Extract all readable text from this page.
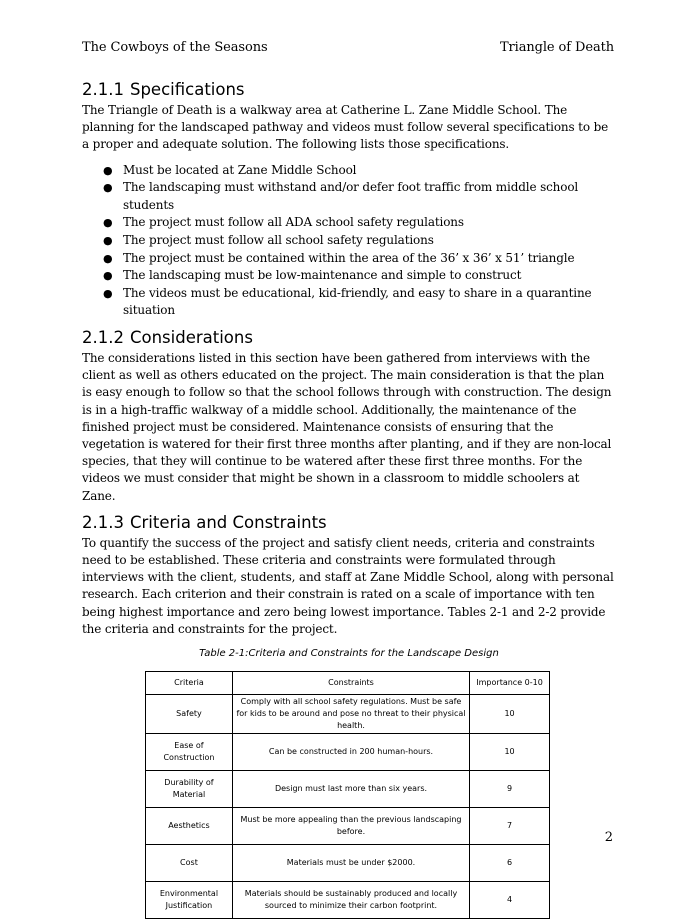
The Cowboys of the Seasons	Triangle of Death
2.1.1 Specifications

The Triangle of Death is a walkway area at Catherine L. Zane Middle School. The planning for the landscaped pathway and videos must follow several specifications to be a proper and adequate solution. The following lists those specifications.

● Must be located at Zane Middle School
● The landscaping must withstand and/or defer foot traffic from middle school students
● The project must follow all ADA school safety regulations
● The project must follow all school safety regulations
● The project must be contained within the area of the 36’ x 36’ x 51’ triangle
● The landscaping must be low-maintenance and simple to construct
● The videos must be educational, kid-friendly, and easy to share in a quarantine situation
2.1.2 Considerations

The considerations listed in this section have been gathered from interviews with the client as well as others educated on the project. The main consideration is that the plan is easy enough to follow so that the school follows through with construction. The design is in a high-traffic walkway of a middle school. Additionally, the maintenance of the finished project must be considered. Maintenance consists of ensuring that the vegetation is watered for their first three months after planting, and if they are non-local species, that they will continue to be watered after these first three months. For the videos we must consider that might be shown in a classroom to middle schoolers at Zane.

2.1.3 Criteria and Constraints

To quantify the success of the project and satisfy client needs, criteria and constraints need to be established. These criteria and constraints were formulated through interviews with the client, students, and staff at Zane Middle School, along with personal research. Each criterion and their constrain is rated on a scale of importance with ten being highest importance and zero being lowest importance. Tables 2-1 and 2-2 provide the criteria and constraints for the project.

Table 2-1:Criteria and Constraints for the Landscape Design
Criteria	Constraints	Importance 0-10
Safety	Comply with all school safety regulations. Must be safe for kids to be around and pose no threat to their physical health.	10
Ease of Construction	Can be constructed in 200 human-hours.	10
Durability of Material	Design must last more than six years.	9
Aesthetics	Must be more appealing than the previous landscaping before.	7
Cost	Materials must be under $2000.	6
Environmental Justification	Materials should be sustainably produced and locally sourced to minimize their carbon footprint.	4
2
